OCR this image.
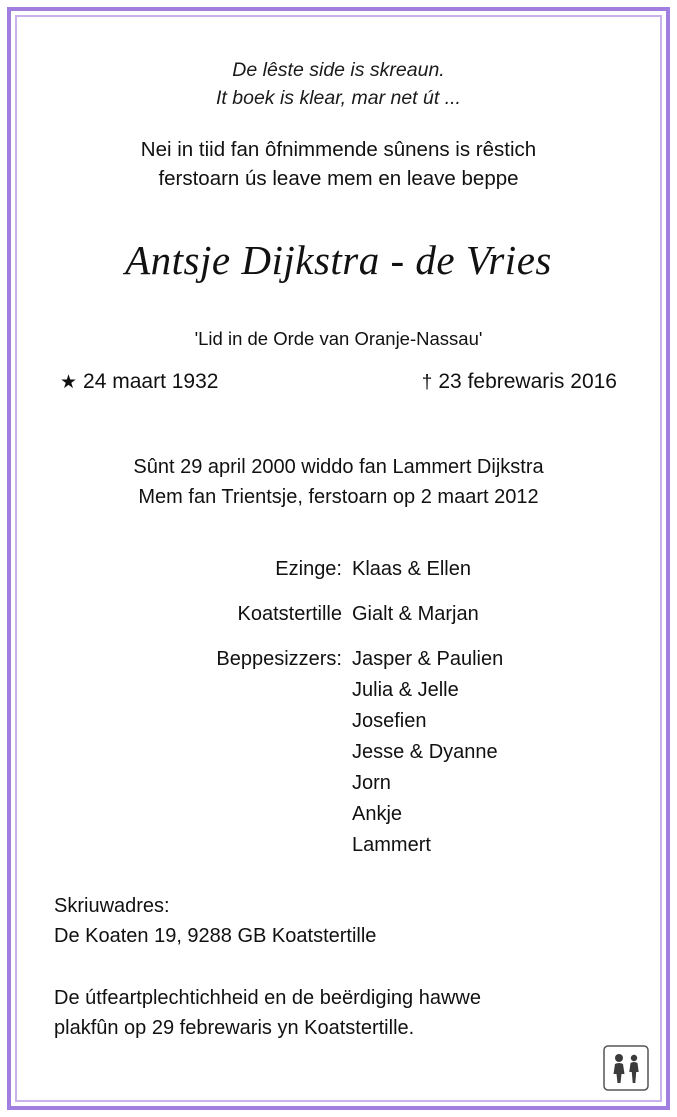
De lêste side is skreaun.
It boek is klear, mar net út ...
Nei in tiid fan ôfnimmende sûnens is rêstich
ferstoarn ús leave mem en leave beppe
Antsje Dijkstra - de Vries
'Lid in de Orde van Oranje-Nassau'
★ 24 maart 1932	† 23 febrewaris 2016
Sûnt 29 april 2000 widdo fan Lammert Dijkstra
Mem fan Trientsje, ferstoarn op 2 maart 2012
Ezinge: Klaas & Ellen
Koatstertille Gialt & Marjan
Beppesizzers: Jasper & Paulien
Julia & Jelle
Josefien
Jesse & Dyanne
Jorn
Ankje
Lammert
Skriuwadres:
De Koaten 19, 9288 GB Koatstertille
De útfeartplechtichheid en de beërdiging hawwe
plakfûn op 29 febrewaris yn Koatstertille.
